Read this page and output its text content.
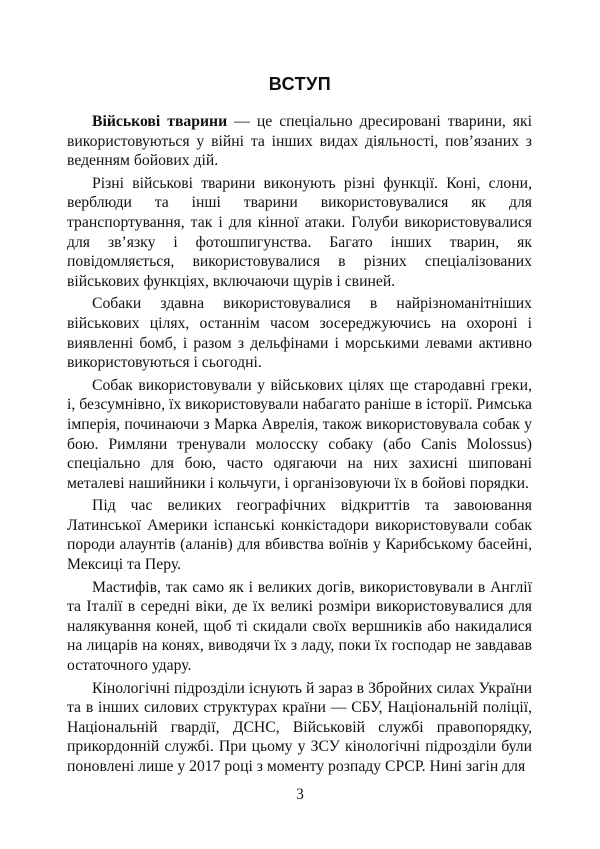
ВСТУП

Військові тварини — це спеціально дресировані тварини, які використовуються у війні та інших видах діяльності, пов’язаних з веденням бойових дій.

Різні військові тварини виконують різні функції. Коні, слони, верблюди та інші тварини використовувалися як для транспортування, так і для кінної атаки. Голуби використовувалися для зв’язку і фотошпигунства. Багато інших тварин, як повідомляється, використовувалися в різних спеціалізованих військових функціях, включаючи щурів і свиней.

Собаки здавна використовувалися в найрізноманітніших військових цілях, останнім часом зосереджуючись на охороні і виявленні бомб, і разом з дельфінами і морськими левами активно використовуються і сьогодні.

Собак використовували у військових цілях ще стародавні греки, і, безсумнівно, їх використовували набагато раніше в історії. Римська імперія, починаючи з Марка Аврелія, також використовувала собак у бою. Римляни тренували молосску собаку (або Canis Molossus) спеціально для бою, часто одягаючи на них захисні шиповані металеві нашийники і кольчуги, і організовуючи їх в бойові порядки.

Під час великих географічних відкриттів та завоювання Латинської Америки іспанські конкістадори використовували собак породи алаунтів (аланів) для вбивства воїнів у Карибському басейні, Мексиці та Перу.

Мастифів, так само як і великих догів, використовували в Англії та Італії в середні віки, де їх великі розміри використовувалися для налякування коней, щоб ті скидали своїх вершників або накидалися на лицарів на конях, виводячи їх з ладу, поки їх господар не завдавав остаточного удару.

Кінологічні підрозділи існують й зараз в Збройних силах України та в інших силових структурах країни — СБУ, Національній поліції, Національній гвардії, ДСНС, Військовій службі правопорядку, прикордонній службі. При цьому у ЗСУ кінологічні підрозділи були поновлені лише у 2017 році з моменту розпаду СРСР. Нині загін для

3
